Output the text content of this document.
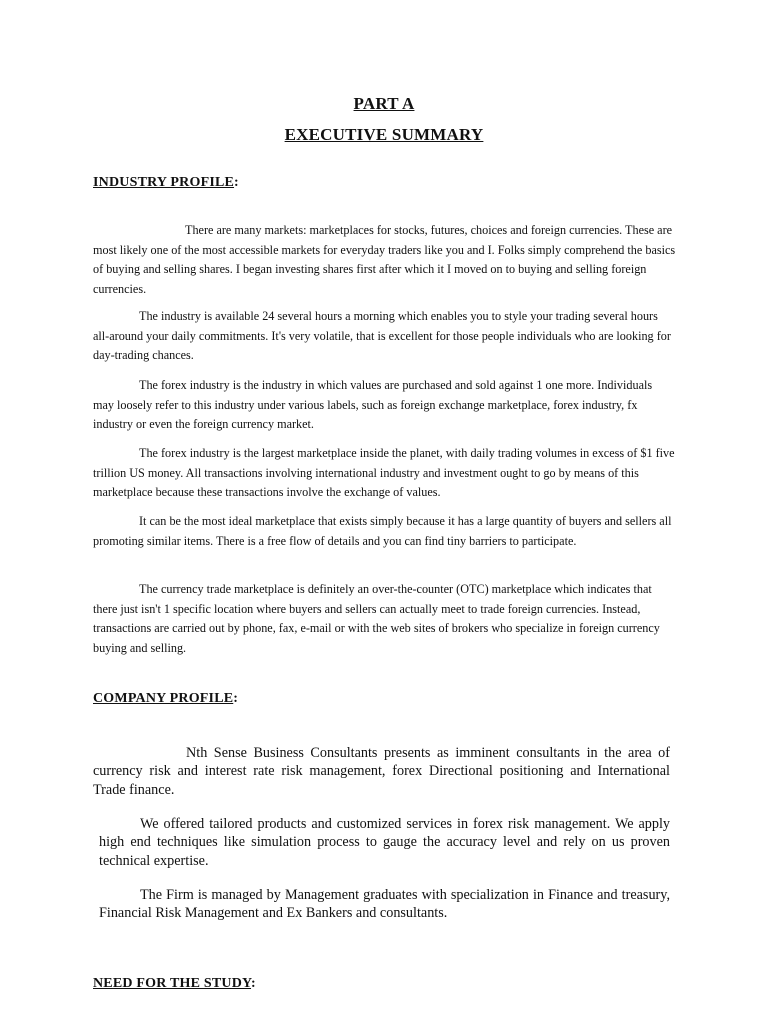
PART A
EXECUTIVE SUMMARY
INDUSTRY PROFILE:

There are many markets: marketplaces for stocks, futures, choices and foreign currencies. These are most likely one of the most accessible markets for everyday traders like you and I. Folks simply comprehend the basics of buying and selling shares. I began investing shares first after which it I moved on to buying and selling foreign currencies.

The industry is available 24 several hours a morning which enables you to style your trading several hours all-around your daily commitments. It's very volatile, that is excellent for those people individuals who are looking for day-trading chances.

The forex industry is the industry in which values are purchased and sold against 1 one more. Individuals may loosely refer to this industry under various labels, such as foreign exchange marketplace, forex industry, fx industry or even the foreign currency market.

The forex industry is the largest marketplace inside the planet, with daily trading volumes in excess of $1 five trillion US money. All transactions involving international industry and investment ought to go by means of this marketplace because these transactions involve the exchange of values.

It can be the most ideal marketplace that exists simply because it has a large quantity of buyers and sellers all promoting similar items. There is a free flow of details and you can find tiny barriers to participate.

The currency trade marketplace is definitely an over-the-counter (OTC) marketplace which indicates that there just isn't 1 specific location where buyers and sellers can actually meet to trade foreign currencies. Instead, transactions are carried out by phone, fax, e-mail or with the web sites of brokers who specialize in foreign currency buying and selling.

COMPANY PROFILE:

Nth Sense Business Consultants presents as imminent consultants in the area of currency risk and interest rate risk management, forex Directional positioning and International Trade finance.

We offered tailored products and customized services in forex risk management. We apply high end techniques like simulation process to gauge the accuracy level and rely on us proven technical expertise.

The Firm is managed by Management graduates with specialization in Finance and treasury, Financial Risk Management and Ex Bankers and consultants.

NEED FOR THE STUDY:
